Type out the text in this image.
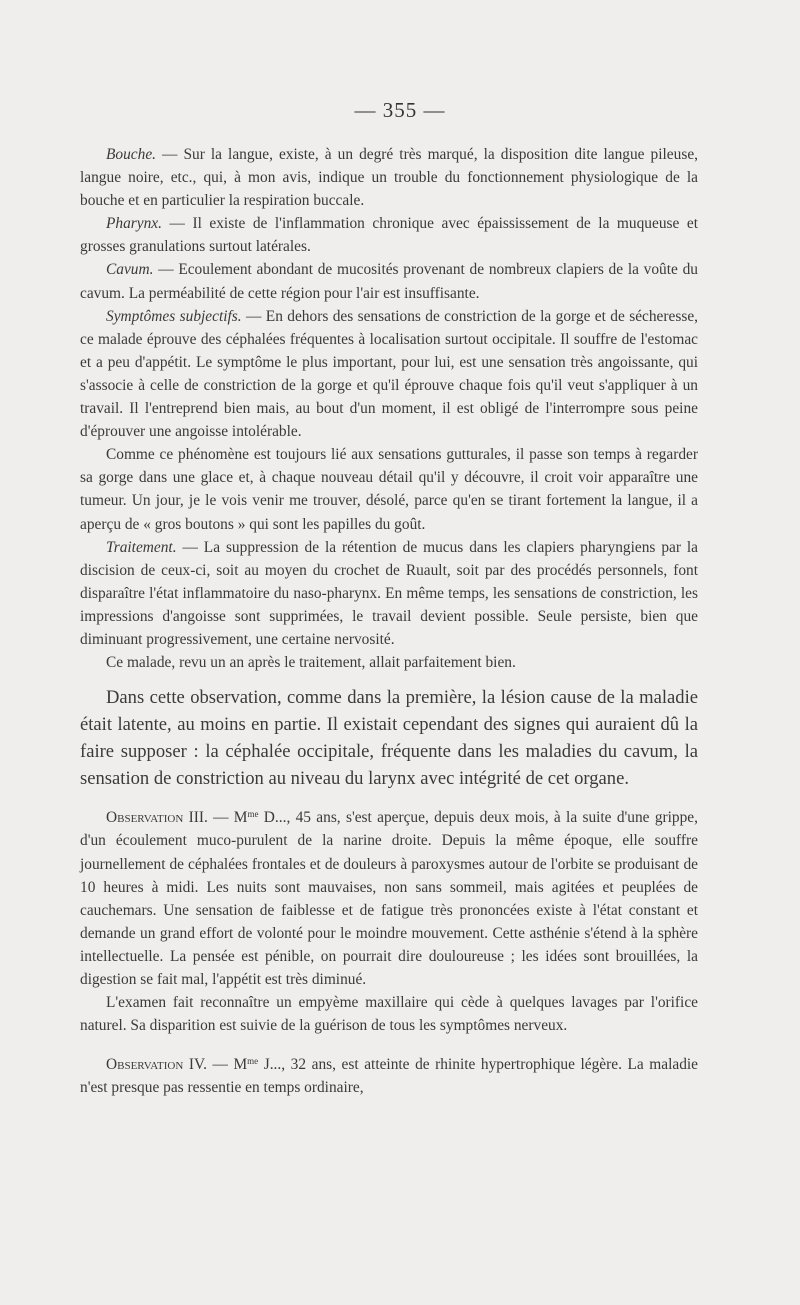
— 355 —

Bouche. — Sur la langue, existe, à un degré très marqué, la disposition dite langue pileuse, langue noire, etc., qui, à mon avis, indique un trouble du fonctionnement physiologique de la bouche et en particulier la respiration buccale.

Pharynx. — Il existe de l'inflammation chronique avec épaississement de la muqueuse et grosses granulations surtout latérales.

Cavum. — Ecoulement abondant de mucosités provenant de nombreux clapiers de la voûte du cavum. La perméabilité de cette région pour l'air est insuffisante.

Symptômes subjectifs. — En dehors des sensations de constriction de la gorge et de sécheresse, ce malade éprouve des céphalées fréquentes à localisation surtout occipitale. Il souffre de l'estomac et a peu d'appétit. Le symptôme le plus important, pour lui, est une sensation très angoissante, qui s'associe à celle de constriction de la gorge et qu'il éprouve chaque fois qu'il veut s'appliquer à un travail. Il l'entreprend bien mais, au bout d'un moment, il est obligé de l'interrompre sous peine d'éprouver une angoisse intolérable.

Comme ce phénomène est toujours lié aux sensations gutturales, il passe son temps à regarder sa gorge dans une glace et, à chaque nouveau détail qu'il y découvre, il croit voir apparaître une tumeur. Un jour, je le vois venir me trouver, désolé, parce qu'en se tirant fortement la langue, il a aperçu de « gros boutons » qui sont les papilles du goût.

Traitement. — La suppression de la rétention de mucus dans les clapiers pharyngiens par la discision de ceux-ci, soit au moyen du crochet de Ruault, soit par des procédés personnels, font disparaître l'état inflammatoire du naso-pharynx. En même temps, les sensations de constriction, les impressions d'angoisse sont supprimées, le travail devient possible. Seule persiste, bien que diminuant progressivement, une certaine nervosité.

Ce malade, revu un an après le traitement, allait parfaitement bien.

Dans cette observation, comme dans la première, la lésion cause de la maladie était latente, au moins en partie. Il existait cependant des signes qui auraient dû la faire supposer : la céphalée occipitale, fréquente dans les maladies du cavum, la sensation de constriction au niveau du larynx avec intégrité de cet organe.

Observation III. — $M^{me}$ D..., 45 ans, s'est aperçue, depuis deux mois, à la suite d'une grippe, d'un écoulement muco-purulent de la narine droite. Depuis la même époque, elle souffre journellement de céphalées frontales et de douleurs à paroxysmes autour de l'orbite se produisant de 10 heures à midi. Les nuits sont mauvaises, non sans sommeil, mais agitées et peuplées de cauchemars. Une sensation de faiblesse et de fatigue très prononcées existe à l'état constant et demande un grand effort de volonté pour le moindre mouvement. Cette asthénie s'étend à la sphère intellectuelle. La pensée est pénible, on pourrait dire douloureuse ; les idées sont brouillées, la digestion se fait mal, l'appétit est très diminué.

L'examen fait reconnaître un empyème maxillaire qui cède à quelques lavages par l'orifice naturel. Sa disparition est suivie de la guérison de tous les symptômes nerveux.

Observation IV. — $M^{me}$ J..., 32 ans, est atteinte de rhinite hypertrophique légère. La maladie n'est presque pas ressentie en temps ordinaire,
